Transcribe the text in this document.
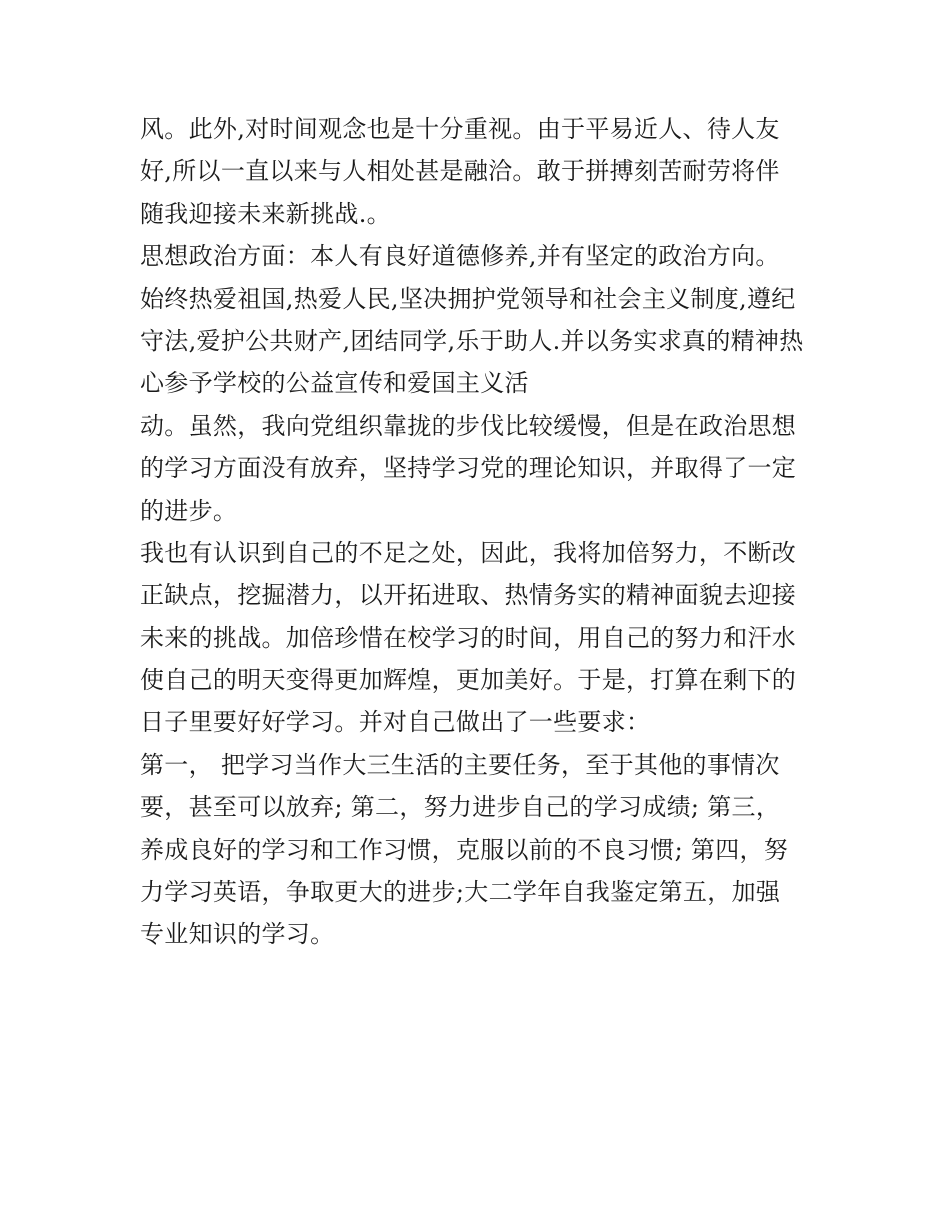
风。此外,对时间观念也是十分重视。由于平易近人、待人友
好,所以一直以来与人相处甚是融洽。敢于拼搏刻苦耐劳将伴
随我迎接未来新挑战.。
思想政治方面：本人有良好道德修养,并有坚定的政治方向。
始终热爱祖国,热爱人民,坚决拥护党领导和社会主义制度,遵纪
守法,爱护公共财产,团结同学,乐于助人.并以务实求真的精神热
心参予学校的公益宣传和爱国主义活
动。虽然，我向党组织靠拢的步伐比较缓慢，但是在政治思想
的学习方面没有放弃，坚持学习党的理论知识，并取得了一定
的进步。
我也有认识到自己的不足之处，因此，我将加倍努力，不断改
正缺点，挖掘潜力，以开拓进取、热情务实的精神面貌去迎接
未来的挑战。加倍珍惜在校学习的时间，用自己的努力和汗水
使自己的明天变得更加辉煌，更加美好。于是，打算在剩下的
日子里要好好学习。并对自己做出了一些要求：
第一， 把学习当作大三生活的主要任务，至于其他的事情次
要，甚至可以放弃; 第二，努力进步自己的学习成绩; 第三，
养成良好的学习和工作习惯，克服以前的不良习惯; 第四，努
力学习英语，争取更大的进步;大二学年自我鉴定第五，加强
专业知识的学习。
